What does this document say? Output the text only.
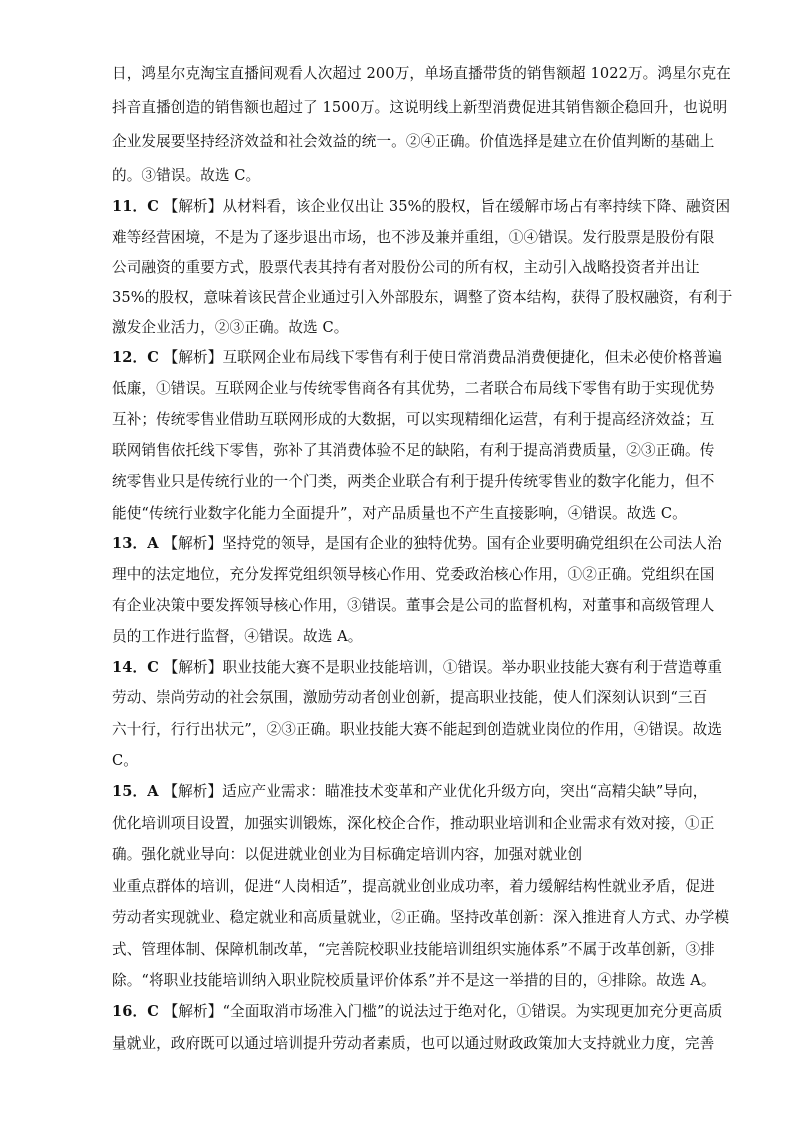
日，鸿星尔克淘宝直播间观看人次超过 200万，单场直播带货的销售额超 1022万。鸿星尔克在
抖音直播创造的销售额也超过了 1500万。这说明线上新型消费促进其销售额企稳回升，也说明
企业发展要坚持经济效益和社会效益的统一。②④正确。价值选择是建立在价值判断的基础上
的。③错误。故选 C。
11．C 【解析】从材料看，该企业仅出让 35%的股权，旨在缓解市场占有率持续下降、融资困
难等经营困境，不是为了逐步退出市场，也不涉及兼并重组，①④错误。发行股票是股份有限
公司融资的重要方式，股票代表其持有者对股份公司的所有权，主动引入战略投资者并出让
35%的股权，意味着该民营企业通过引入外部股东，调整了资本结构，获得了股权融资，有利于
激发企业活力，②③正确。故选 C。
12．C 【解析】互联网企业布局线下零售有利于使日常消费品消费便捷化，但未必使价格普遍
低廉，①错误。互联网企业与传统零售商各有其优势，二者联合布局线下零售有助于实现优势
互补；传统零售业借助互联网形成的大数据，可以实现精细化运营，有利于提高经济效益；互
联网销售依托线下零售，弥补了其消费体验不足的缺陷，有利于提高消费质量，②③正确。传
统零售业只是传统行业的一个门类，两类企业联合有利于提升传统零售业的数字化能力，但不
能使“传统行业数字化能力全面提升”，对产品质量也不产生直接影响，④错误。故选 C。
13．A 【解析】坚持党的领导，是国有企业的独特优势。国有企业要明确党组织在公司法人治
理中的法定地位，充分发挥党组织领导核心作用、党委政治核心作用，①②正确。党组织在国
有企业决策中要发挥领导核心作用，③错误。董事会是公司的监督机构，对董事和高级管理人
员的工作进行监督，④错误。故选 A。
14．C 【解析】职业技能大赛不是职业技能培训，①错误。举办职业技能大赛有利于营造尊重
劳动、崇尚劳动的社会氛围，激励劳动者创业创新，提高职业技能，使人们深刻认识到“三百
六十行，行行出状元”，②③正确。职业技能大赛不能起到创造就业岗位的作用，④错误。故选
C。
15．A 【解析】适应产业需求：瞄准技术变革和产业优化升级方向，突出“高精尖缺”导向，
优化培训项目设置，加强实训锻炼，深化校企合作，推动职业培训和企业需求有效对接，①正
确。强化就业导向：以促进就业创业为目标确定培训内容，加强对就业创
业重点群体的培训，促进“人岗相适”，提高就业创业成功率，着力缓解结构性就业矛盾，促进
劳动者实现就业、稳定就业和高质量就业，②正确。坚持改革创新：深入推进育人方式、办学模
式、管理体制、保障机制改革，“完善院校职业技能培训组织实施体系”不属于改革创新，③排
除。“将职业技能培训纳入职业院校质量评价体系”并不是这一举措的目的，④排除。故选 A。
16．C 【解析】“全面取消市场准入门槛”的说法过于绝对化，①错误。为实现更加充分更高质
量就业，政府既可以通过培训提升劳动者素质，也可以通过财政政策加大支持就业力度，完善
